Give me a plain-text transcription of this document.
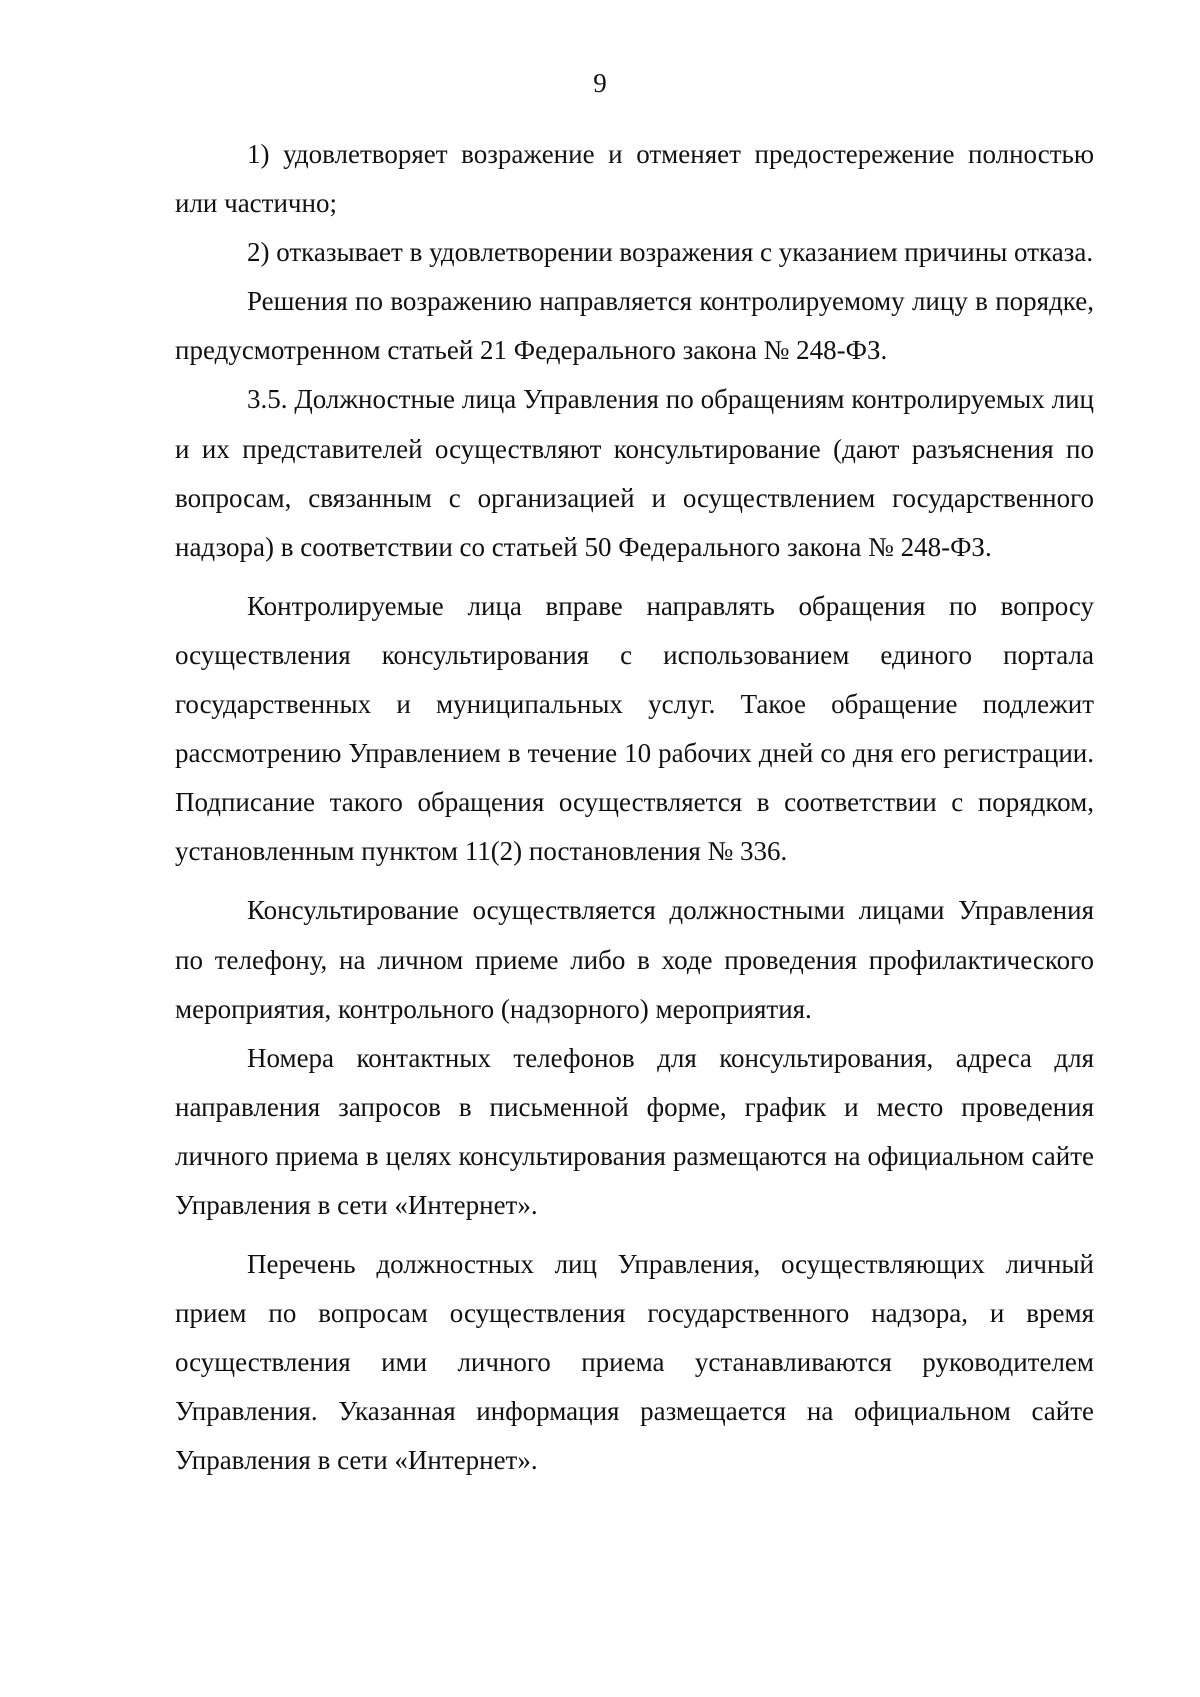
9

1) удовлетворяет возражение и отменяет предостережение полностью или частично;

2) отказывает в удовлетворении возражения с указанием причины отказа.

Решения по возражению направляется контролируемому лицу в порядке, предусмотренном статьей 21 Федерального закона № 248-ФЗ.

3.5. Должностные лица Управления по обращениям контролируемых лиц и их представителей осуществляют консультирование (дают разъяснения по вопросам, связанным с организацией и осуществлением государственного надзора) в соответствии со статьей 50 Федерального закона № 248-ФЗ.

Контролируемые лица вправе направлять обращения по вопросу осуществления консультирования с использованием единого портала государственных и муниципальных услуг. Такое обращение подлежит рассмотрению Управлением в течение 10 рабочих дней со дня его регистрации. Подписание такого обращения осуществляется в соответствии с порядком, установленным пунктом 11(2) постановления № 336.

Консультирование осуществляется должностными лицами Управления по телефону, на личном приеме либо в ходе проведения профилактического мероприятия, контрольного (надзорного) мероприятия.

Номера контактных телефонов для консультирования, адреса для направления запросов в письменной форме, график и место проведения личного приема в целях консультирования размещаются на официальном сайте Управления в сети «Интернет».

Перечень должностных лиц Управления, осуществляющих личный прием по вопросам осуществления государственного надзора, и время осуществления ими личного приема устанавливаются руководителем Управления. Указанная информация размещается на официальном сайте Управления в сети «Интернет».
